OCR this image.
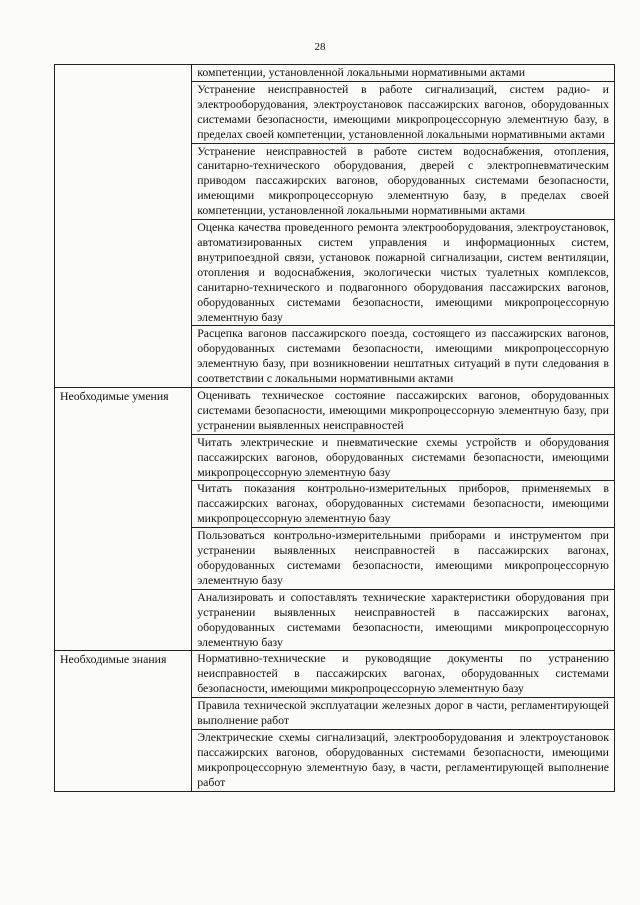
28
	компетенции, установленной локальными нормативными актами
	Устранение неисправностей в работе сигнализаций, систем радио- и электрооборудования, электроустановок пассажирских вагонов, оборудованных системами безопасности, имеющими микропроцессорную элементную базу, в пределах своей компетенции, установленной локальными нормативными актами
	Устранение неисправностей в работе систем водоснабжения, отопления, санитарно-технического оборудования, дверей с электропневматическим приводом пассажирских вагонов, оборудованных системами безопасности, имеющими микропроцессорную элементную базу, в пределах своей компетенции, установленной локальными нормативными актами
	Оценка качества проведенного ремонта электрооборудования, электроустановок, автоматизированных систем управления и информационных систем, внутрипоездной связи, установок пожарной сигнализации, систем вентиляции, отопления и водоснабжения, экологически чистых туалетных комплексов, санитарно-технического и подвагонного оборудования пассажирских вагонов, оборудованных системами безопасности, имеющими микропроцессорную элементную базу
	Расцепка вагонов пассажирского поезда, состоящего из пассажирских вагонов, оборудованных системами безопасности, имеющими микропроцессорную элементную базу, при возникновении нештатных ситуаций в пути следования в соответствии с локальными нормативными актами

Необходимые умения	Оценивать техническое состояние пассажирских вагонов, оборудованных системами безопасности, имеющими микропроцессорную элементную базу, при устранении выявленных неисправностей
	Читать электрические и пневматические схемы устройств и оборудования пассажирских вагонов, оборудованных системами безопасности, имеющими микропроцессорную элементную базу
	Читать показания контрольно-измерительных приборов, применяемых в пассажирских вагонах, оборудованных системами безопасности, имеющими микропроцессорную элементную базу
	Пользоваться контрольно-измерительными приборами и инструментом при устранении выявленных неисправностей в пассажирских вагонах, оборудованных системами безопасности, имеющими микропроцессорную элементную базу
	Анализировать и сопоставлять технические характеристики оборудования при устранении выявленных неисправностей в пассажирских вагонах, оборудованных системами безопасности, имеющими микропроцессорную элементную базу

Необходимые знания	Нормативно-технические и руководящие документы по устранению неисправностей в пассажирских вагонах, оборудованных системами безопасности, имеющими микропроцессорную элементную базу
	Правила технической эксплуатации железных дорог в части, регламентирующей выполнение работ
	Электрические схемы сигнализаций, электрооборудования и электроустановок пассажирских вагонов, оборудованных системами безопасности, имеющими микропроцессорную элементную базу, в части, регламентирующей выполнение работ
